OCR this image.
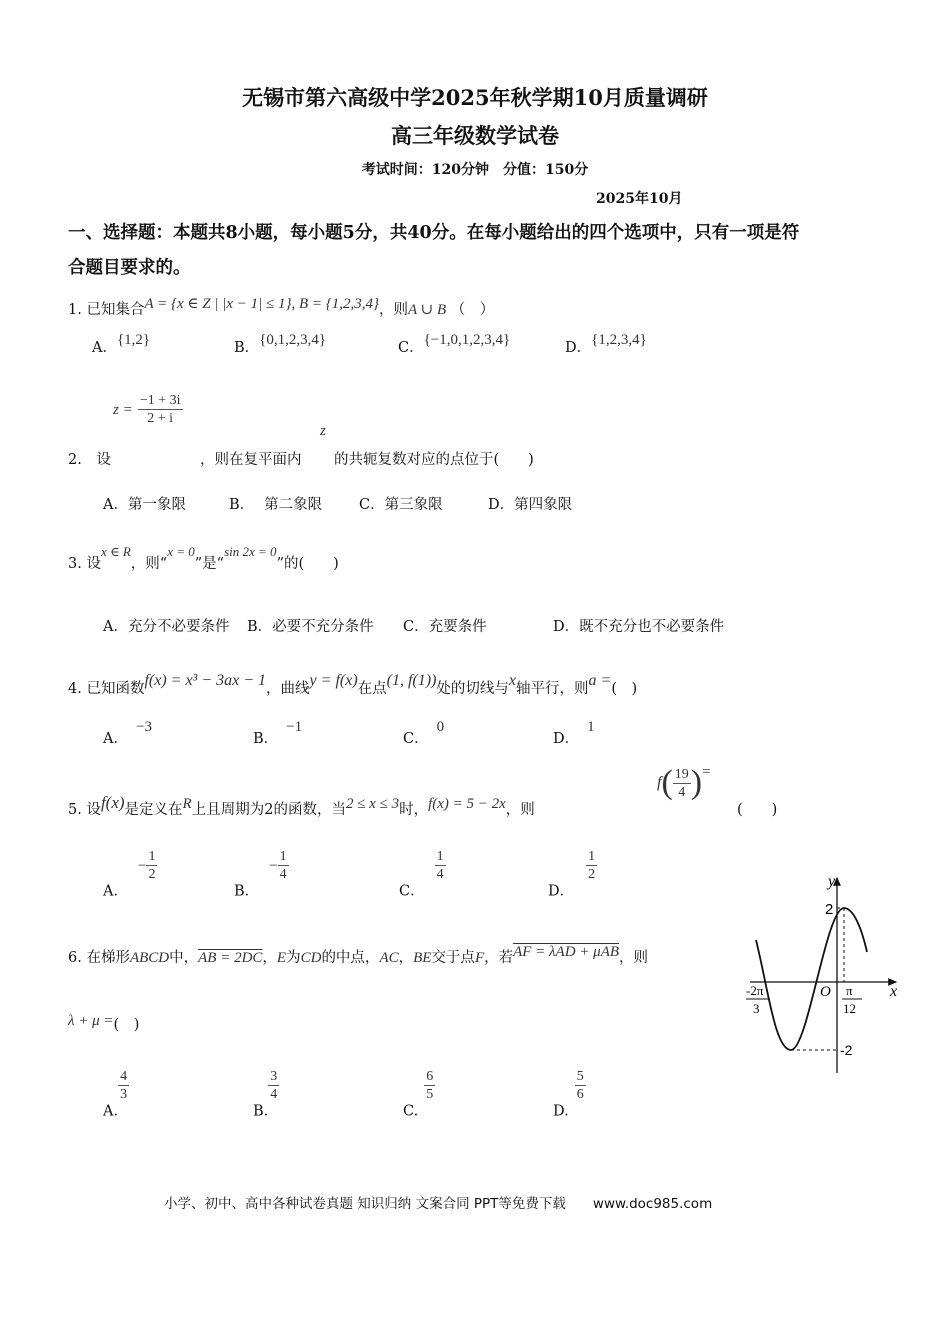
无锡市第六高级中学2025年秋学期10月质量调研
高三年级数学试卷
考试时间：120分钟　分值：150分
2025年10月
一、选择题：本题共8小题，每小题5分，共40分。在每小题给出的四个选项中，只有一项是符
合题目要求的。
1. 已知集合A = {x ∈ Z | |x − 1| ≤ 1}, B = {1,2,3,4}，则A ∪ B （　）
A．{1,2}	B．{0,1,2,3,4}	C．{−1,0,1,2,3,4}	D．{1,2,3,4}
$z = \frac{-1 + 3i}{2 + i}$
z
2.　设	，则在复平面内 的共轭复数对应的点位于(　　)
A．第一象限	B． 第二象限	C．第三象限	D．第四象限
3. 设x ∈ R，则“x = 0”是“sin 2x = 0”的(　　)
A．充分不必要条件 B．必要不充分条件 C．充要条件	D．既不充分也不必要条件
4. 已知函数f(x) = x³ − 3ax − 1，曲线y = f(x)在点(1, f(1))处的切线与x轴平行，则a =(　)
A．−3
B．−1
C．0
D．1
5. 设f(x)是定义在R上且周期为2的函数，当2 ≤ x ≤ 3时，f(x) = 5 − 2x，则
$f( \frac{19}{4}$ )=
(　　)
A．− $\frac{1}{2}$
B．− $\frac{1}{4}$
C．
$\frac{1}{4}$
D．
$\frac{1}{2}$
6. 在梯形ABCD中，AB = 2DC，E为CD的中点，AC，BE交于点F，若AF = λAD + μAB，则
λ + μ =(　)
A.
$\frac{4}{3}$
B.
$\frac{3}{4}$
C.
$\frac{6}{5}$
D.
$\frac{5}{6}$
y
x
O
2
-2
-2π
3
π
12
小学、初中、高中各种试卷真题 知识归纳 文案合同 PPT等免费下载　　www.doc985.com
